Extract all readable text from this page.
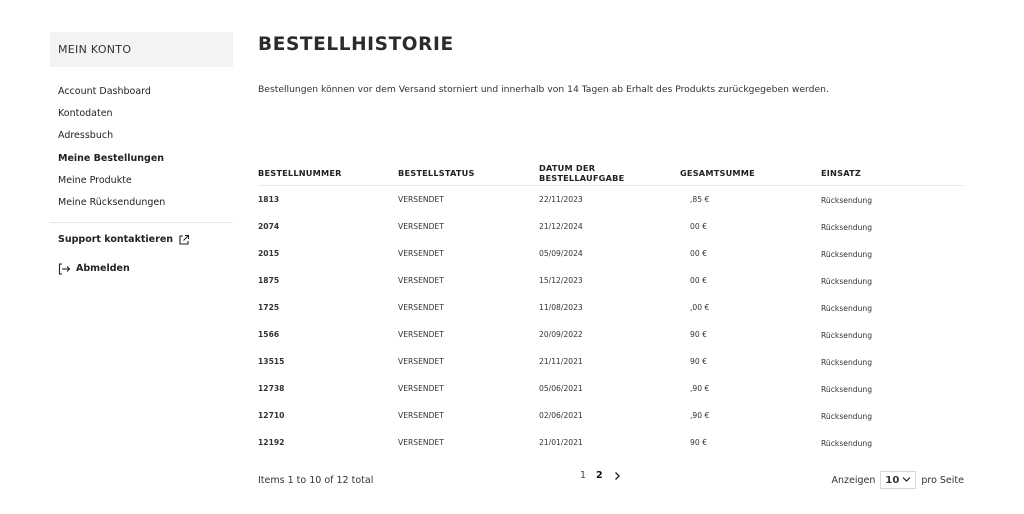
MEIN KONTO
Account Dashboard
Kontodaten
Adressbuch
Meine Bestellungen
Meine Produkte
Meine Rücksendungen
Support kontaktieren
Abmelden
BESTELLHISTORIE

Bestellungen können vor dem Versand storniert und innerhalb von 14 Tagen ab Erhalt des Produkts zurückgegeben werden.

BESTELLNUMMER	BESTELLSTATUS	DATUM DER BESTELLAUFGABE	GESAMTSUMME	EINSATZ
1813	VERSENDET	22/11/2023	,85 €	Rücksendung
2074	VERSENDET	21/12/2024	00 €	Rücksendung
2015	VERSENDET	05/09/2024	00 €	Rücksendung
1875	VERSENDET	15/12/2023	00 €	Rücksendung
1725	VERSENDET	11/08/2023	,00 €	Rücksendung
1566	VERSENDET	20/09/2022	90 €	Rücksendung
13515	VERSENDET	21/11/2021	90 €	Rücksendung
12738	VERSENDET	05/06/2021	,90 €	Rücksendung
12710	VERSENDET	02/06/2021	,90 €	Rücksendung
12192	VERSENDET	21/01/2021	90 €	Rücksendung
Items 1 to 10 of 12 total	1 2	Anzeigen 10 pro Seite
